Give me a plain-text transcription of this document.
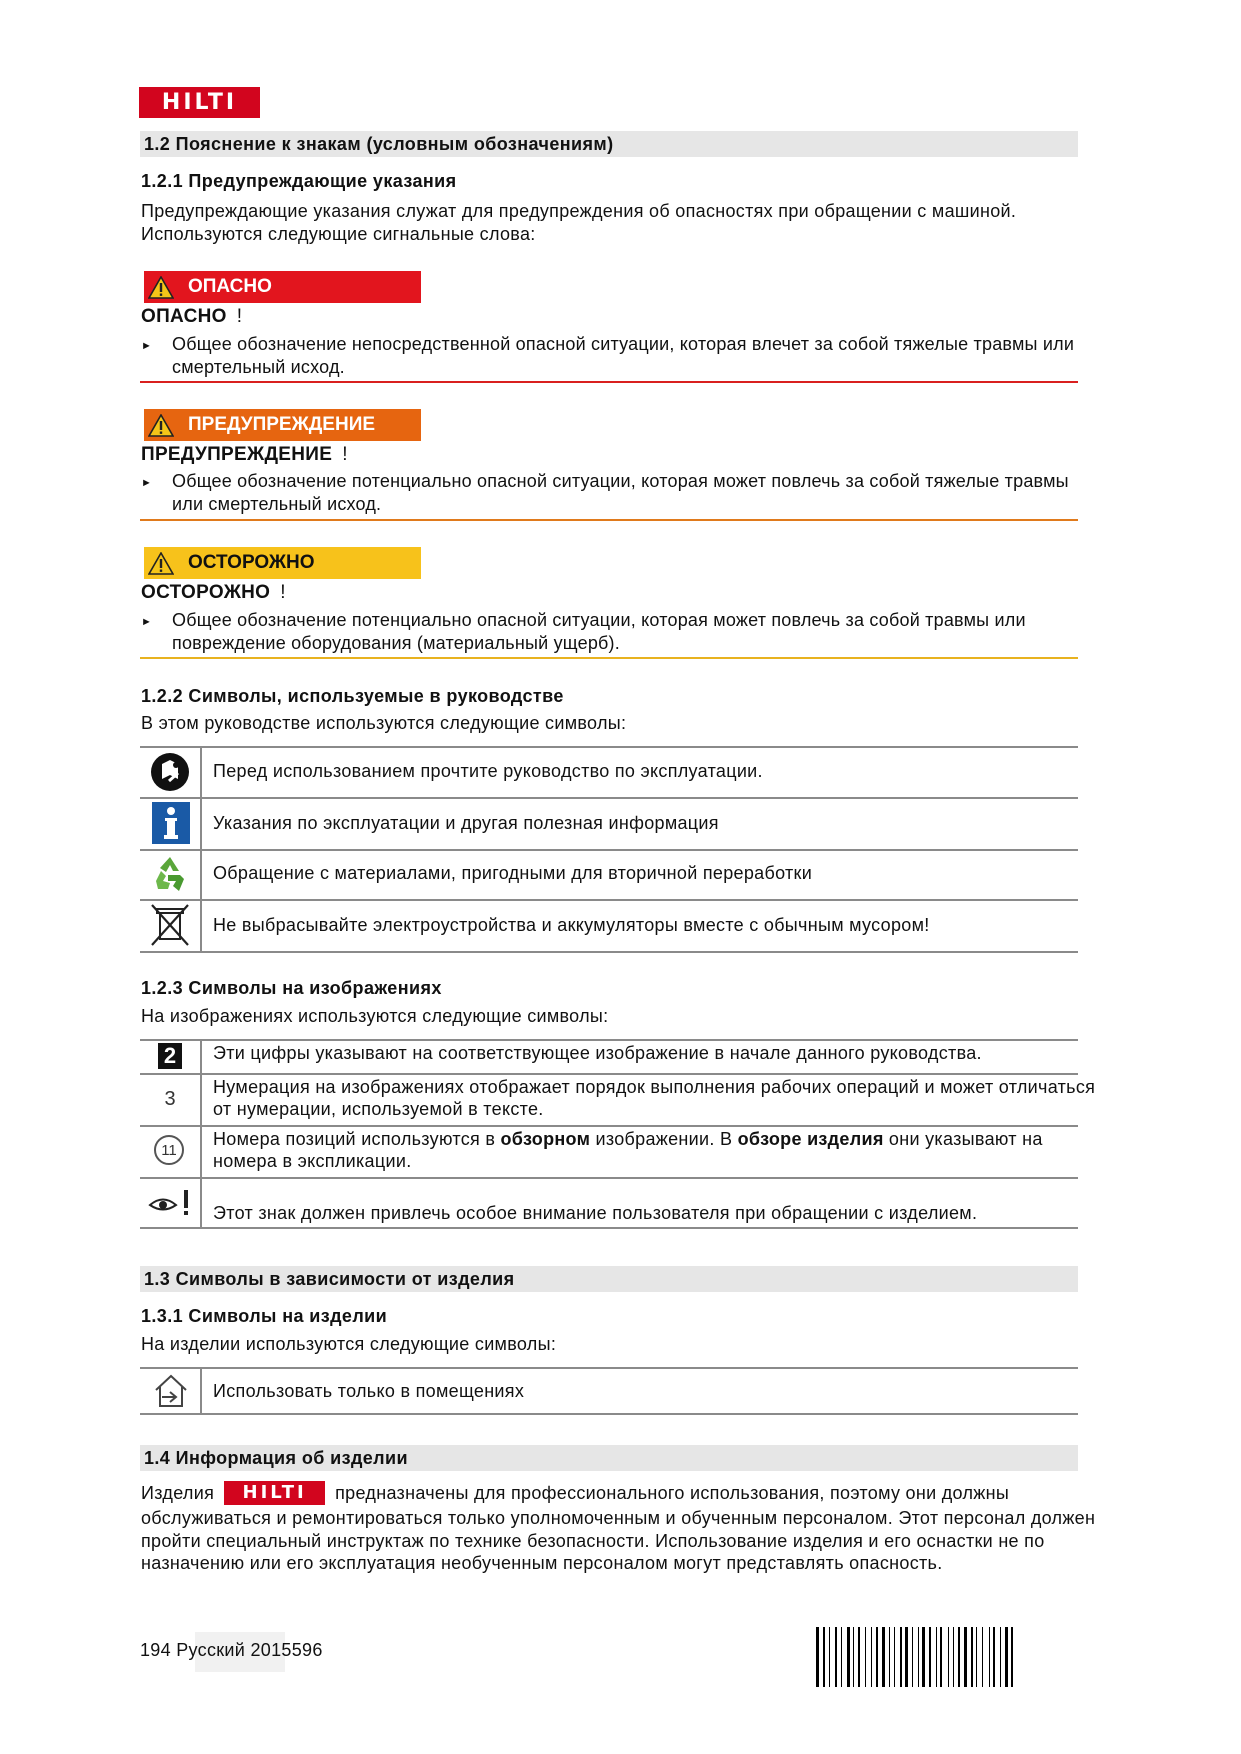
HILTI
1.2 Пояснение к знакам (условным обозначениям)
1.2.1 Предупреждающие указания
Предупреждающие указания служат для предупреждения об опасностях при обращении с машиной. Используются следующие сигнальные слова:
ОПАСНО
ОПАСНО !
► Общее обозначение непосредственной опасной ситуации, которая влечет за собой тяжелые травмы или смертельный исход.
ПРЕДУПРЕЖДЕНИЕ
ПРЕДУПРЕЖДЕНИЕ !
► Общее обозначение потенциально опасной ситуации, которая может повлечь за собой тяжелые травмы или смертельный исход.
ОСТОРОЖНО
ОСТОРОЖНО !
► Общее обозначение потенциально опасной ситуации, которая может повлечь за собой травмы или повреждение оборудования (материальный ущерб).
1.2.2 Символы, используемые в руководстве
В этом руководстве используются следующие символы:
Перед использованием прочтите руководство по эксплуатации.
Указания по эксплуатации и другая полезная информация
Обращение с материалами, пригодными для вторичной переработки
Не выбрасывайте электроустройства и аккумуляторы вместе с обычным мусором!
1.2.3 Символы на изображениях
На изображениях используются следующие символы:
2	Эти цифры указывают на соответствующее изображение в начале данного руководства.
3
Нумерация на изображениях отображает порядок выполнения рабочих операций и может отличаться от нумерации, используемой в тексте.
11
Номера позиций используются в обзорном изображении. В обзоре изделия они указывают на номера в экспликации.
Этот знак должен привлечь особое внимание пользователя при обращении с изделием.
1.3 Символы в зависимости от изделия
1.3.1 Символы на изделии
На изделии используются следующие символы:
Использовать только в помещениях
1.4 Информация об изделии
Изделия HILTI предназначены для профессионального использования, поэтому они должны
обслуживаться и ремонтироваться только уполномоченным и обученным персоналом. Этот персонал должен пройти специальный инструктаж по технике безопасности. Использование изделия и его оснастки не по назначению или его эксплуатация необученным персоналом могут представлять опасность.
194 Русский 2015596
